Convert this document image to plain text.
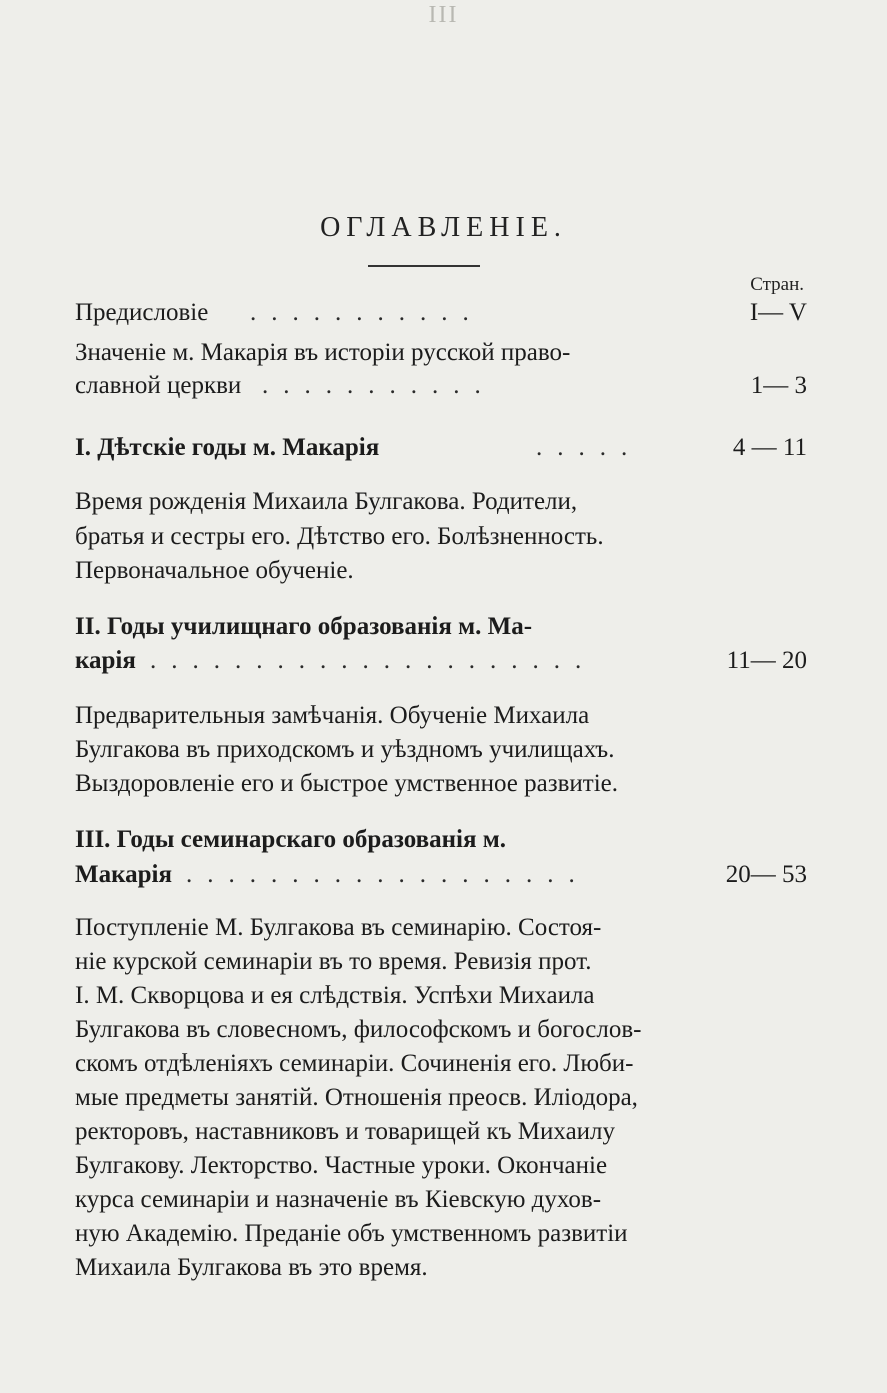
III
ОГЛАВЛЕНІЕ.
Стран.
Предисловіе ...........	I— V
Значеніе м. Макарія въ исторіи русской право-
славной церкви ...........	1— 3
I. Дѣтскіе годы м. Макарія	.....	4 — 11
Время рожденія Михаила Булгакова. Родители,
братья и сестры его. Дѣтство его. Болѣзненность.
Первоначальное обученіе.
II. Годы училищнаго образованія м. Ма-
карія .....................	11— 20
Предварительныя замѣчанія. Обученіе Михаила
Булгакова въ приходскомъ и уѣздномъ училищахъ.
Выздоровленіе его и быстрое умственное развитіе.
III. Годы семинарскаго образованія м.
Макарія ...................	20— 53
Поступленіе М. Булгакова въ семинарію. Состоя-
ніе курской семинаріи въ то время. Ревизія прот.
І. М. Скворцова и ея слѣдствія. Успѣхи Михаила
Булгакова въ словесномъ, философскомъ и богослов-
скомъ отдѣленіяхъ семинаріи. Сочиненія его. Люби-
мые предметы занятій. Отношенія преосв. Иліодора,
ректоровъ, наставниковъ и товарищей къ Михаилу
Булгакову. Лекторство. Частные уроки. Окончаніе
курса семинаріи и назначеніе въ Кіевскую духов-
ную Академію. Преданіе объ умственномъ развитіи
Михаила Булгакова въ это время.
